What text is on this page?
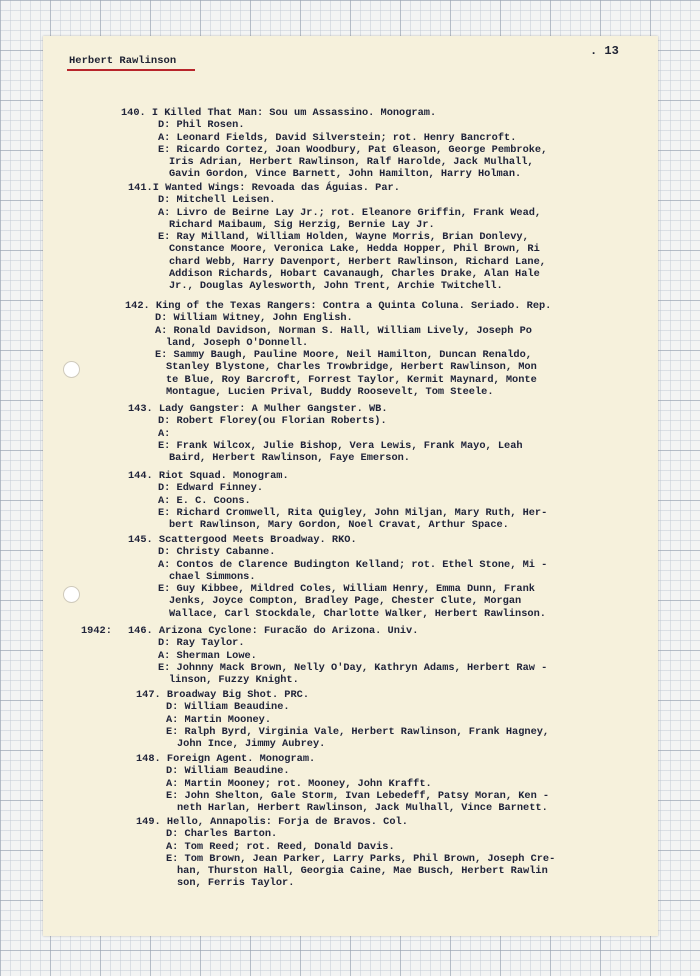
Herbert Rawlinson
. 13
140. I Killed That Man: Sou um Assassino. Monogram.
D: Phil Rosen.
A: Leonard Fields, David Silverstein; rot. Henry Bancroft.
E: Ricardo Cortez, Joan Woodbury, Pat Gleason, George Pembroke,
Iris Adrian, Herbert Rawlinson, Ralf Harolde, Jack Mulhall,
Gavin Gordon, Vince Barnett, John Hamilton, Harry Holman.
141.I Wanted Wings: Revoada das Águias. Par.
D: Mitchell Leisen.
A: Livro de Beirne Lay Jr.; rot. Eleanore Griffin, Frank Wead,
Richard Maibaum, Sig Herzig, Bernie Lay Jr.
E: Ray Milland, William Holden, Wayne Morris, Brian Donlevy,
Constance Moore, Veronica Lake, Hedda Hopper, Phil Brown, Ri
chard Webb, Harry Davenport, Herbert Rawlinson, Richard Lane,
Addison Richards, Hobart Cavanaugh, Charles Drake, Alan Hale
Jr., Douglas Aylesworth, John Trent, Archie Twitchell.
142. King of the Texas Rangers: Contra a Quinta Coluna. Seriado. Rep.
D: William Witney, John English.
A: Ronald Davidson, Norman S. Hall, William Lively, Joseph Po
land, Joseph O'Donnell.
E: Sammy Baugh, Pauline Moore, Neil Hamilton, Duncan Renaldo,
Stanley Blystone, Charles Trowbridge, Herbert Rawlinson, Mon
te Blue, Roy Barcroft, Forrest Taylor, Kermit Maynard, Monte
Montague, Lucien Prival, Buddy Roosevelt, Tom Steele.
143. Lady Gangster: A Mulher Gangster. WB.
D: Robert Florey(ou Florian Roberts).
A:
E: Frank Wilcox, Julie Bishop, Vera Lewis, Frank Mayo, Leah
Baird, Herbert Rawlinson, Faye Emerson.
144. Riot Squad. Monogram.
D: Edward Finney.
A: E. C. Coons.
E: Richard Cromwell, Rita Quigley, John Miljan, Mary Ruth, Her-
bert Rawlinson, Mary Gordon, Noel Cravat, Arthur Space.
145. Scattergood Meets Broadway. RKO.
D: Christy Cabanne.
A: Contos de Clarence Budington Kelland; rot. Ethel Stone, Mi -
chael Simmons.
E: Guy Kibbee, Mildred Coles, William Henry, Emma Dunn, Frank
Jenks, Joyce Compton, Bradley Page, Chester Clute, Morgan
Wallace, Carl Stockdale, Charlotte Walker, Herbert Rawlinson.
1942: 146. Arizona Cyclone: Furacão do Arizona. Univ.
D: Ray Taylor.
A: Sherman Lowe.
E: Johnny Mack Brown, Nelly O'Day, Kathryn Adams, Herbert Raw -
linson, Fuzzy Knight.
147. Broadway Big Shot. PRC.
D: William Beaudine.
A: Martin Mooney.
E: Ralph Byrd, Virginia Vale, Herbert Rawlinson, Frank Hagney,
John Ince, Jimmy Aubrey.
148. Foreign Agent. Monogram.
D: William Beaudine.
A: Martin Mooney; rot. Mooney, John Krafft.
E: John Shelton, Gale Storm, Ivan Lebedeff, Patsy Moran, Ken -
neth Harlan, Herbert Rawlinson, Jack Mulhall, Vince Barnett.
149. Hello, Annapolis: Forja de Bravos. Col.
D: Charles Barton.
A: Tom Reed; rot. Reed, Donald Davis.
E: Tom Brown, Jean Parker, Larry Parks, Phil Brown, Joseph Cre-
han, Thurston Hall, Georgia Caine, Mae Busch, Herbert Rawlin
son, Ferris Taylor.
